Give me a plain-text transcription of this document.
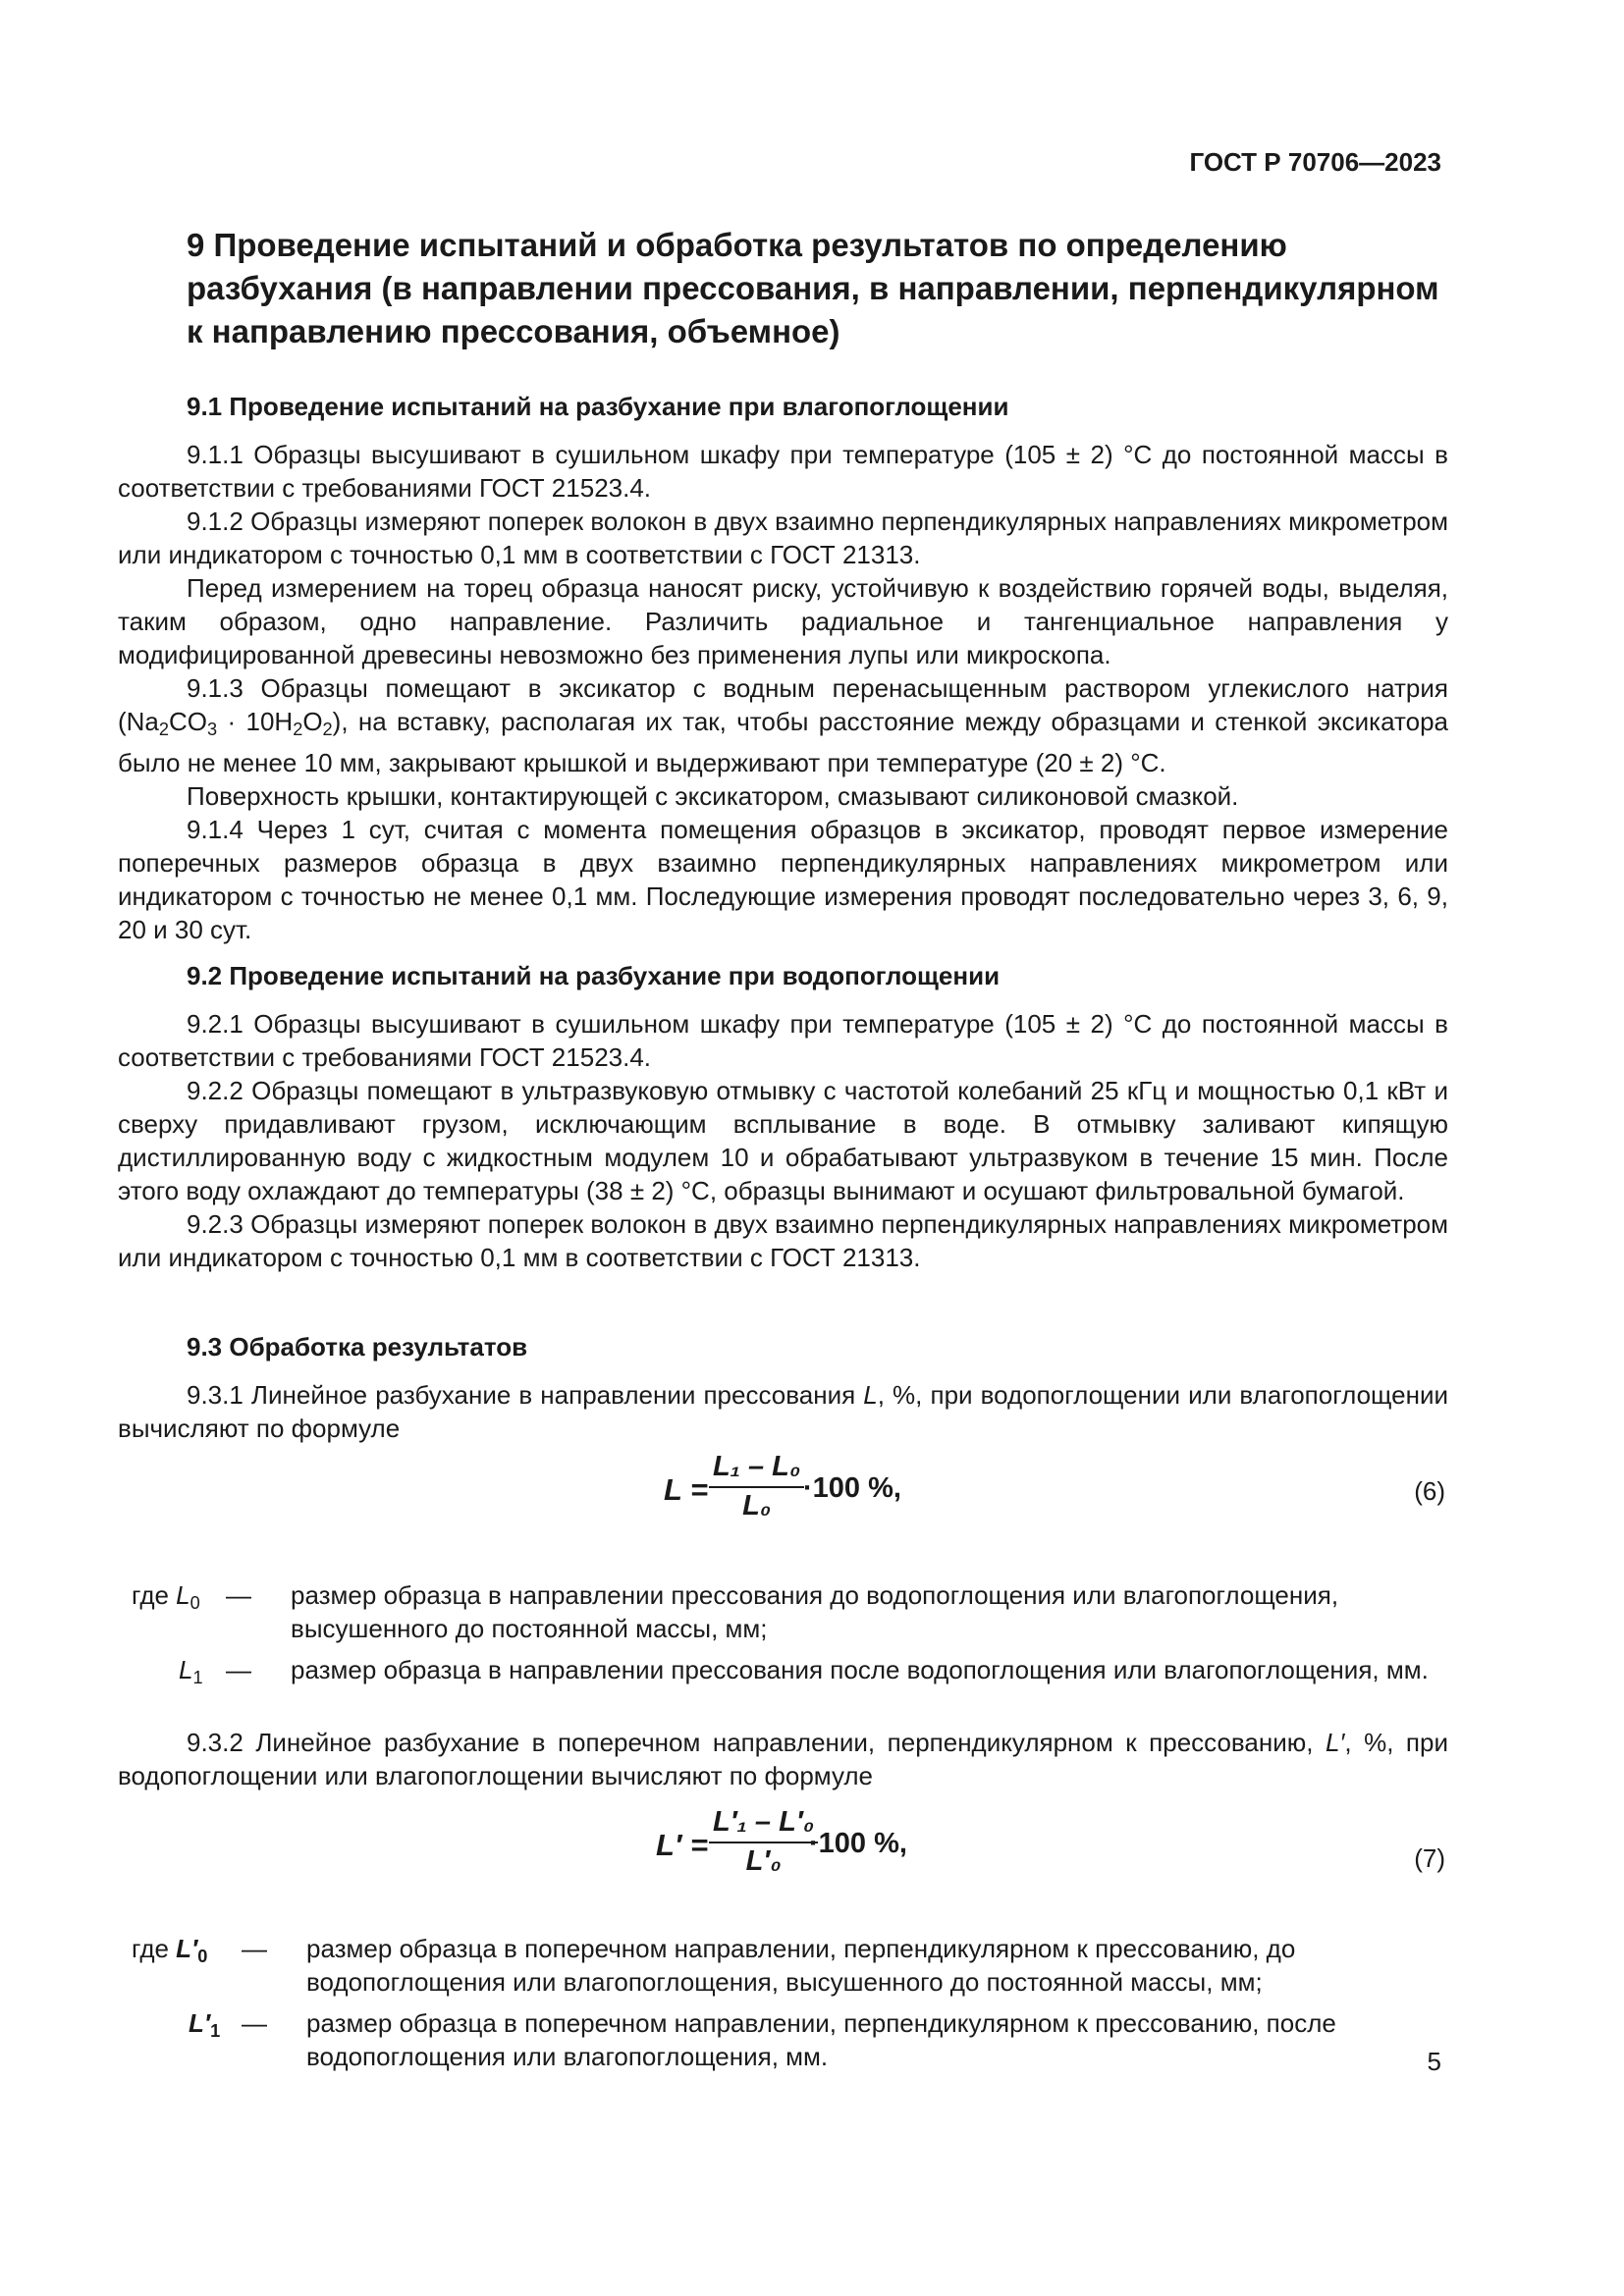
ГОСТ Р 70706—2023
9 Проведение испытаний и обработка результатов по определению разбухания (в направлении прессования, в направлении, перпендикулярном к направлению прессования, объемное)
9.1 Проведение испытаний на разбухание при влагопоглощении

9.1.1 Образцы высушивают в сушильном шкафу при температуре (105 ± 2) °С до постоянной массы в соответствии с требованиями ГОСТ 21523.4.

9.1.2 Образцы измеряют поперек волокон в двух взаимно перпендикулярных направлениях микрометром или индикатором с точностью 0,1 мм в соответствии с ГОСТ 21313.

Перед измерением на торец образца наносят риску, устойчивую к воздействию горячей воды, выделяя, таким образом, одно направление. Различить радиальное и тангенциальное направления у модифицированной древесины невозможно без применения лупы или микроскопа.

9.1.3 Образцы помещают в эксикатор с водным перенасыщенным раствором углекислого натрия $(Na_2CO_3 \cdot 10H_2O_2)$, на вставку, располагая их так, чтобы расстояние между образцами и стенкой эксикатора было не менее 10 мм, закрывают крышкой и выдерживают при температуре (20 ± 2) °С.

Поверхность крышки, контактирующей с эксикатором, смазывают силиконовой смазкой.

9.1.4 Через 1 сут, считая с момента помещения образцов в эксикатор, проводят первое измерение поперечных размеров образца в двух взаимно перпендикулярных направлениях микрометром или индикатором с точностью не менее 0,1 мм. Последующие измерения проводят последовательно через 3, 6, 9, 20 и 30 сут.

9.2 Проведение испытаний на разбухание при водопоглощении

9.2.1 Образцы высушивают в сушильном шкафу при температуре (105 ± 2) °С до постоянной массы в соответствии с требованиями ГОСТ 21523.4.

9.2.2 Образцы помещают в ультразвуковую отмывку с частотой колебаний 25 кГц и мощностью 0,1 кВт и сверху придавливают грузом, исключающим всплывание в воде. В отмывку заливают кипящую дистиллированную воду с жидкостным модулем 10 и обрабатывают ультразвуком в течение 15 мин. После этого воду охлаждают до температуры (38 ± 2) °С, образцы вынимают и осушают фильтровальной бумагой.

9.2.3 Образцы измеряют поперек волокон в двух взаимно перпендикулярных направлениях микрометром или индикатором с точностью 0,1 мм в соответствии с ГОСТ 21313.

9.3 Обработка результатов

9.3.1 Линейное разбухание в направлении прессования L, %, при водопоглощении или влагопоглощении вычисляют по формуле

$L = \frac{\text{L₁ – L₀}}{\text{L₀}}$
·100 %,	(6)
где $L_0$ — размер образца в направлении прессования до водопоглощения или влагопоглощения, высушенного до постоянной массы, мм;
$L_1$ — размер образца в направлении прессования после водопоглощения или влагопоглощения, мм.

9.3.2 Линейное разбухание в поперечном направлении, перпендикулярном к прессованию, L′, %, при водопоглощении или влагопоглощении вычисляют по формуле

$L' = \frac{\text{L′₁ – L′₀}}{\text{L′₀}}$
·100 %,	(7)
где $L'_0$ — размер образца в поперечном направлении, перпендикулярном к прессованию, до водопоглощения или влагопоглощения, высушенного до постоянной массы, мм;
$L'_1$ — размер образца в поперечном направлении, перпендикулярном к прессованию, после водопоглощения или влагопоглощения, мм.	5
